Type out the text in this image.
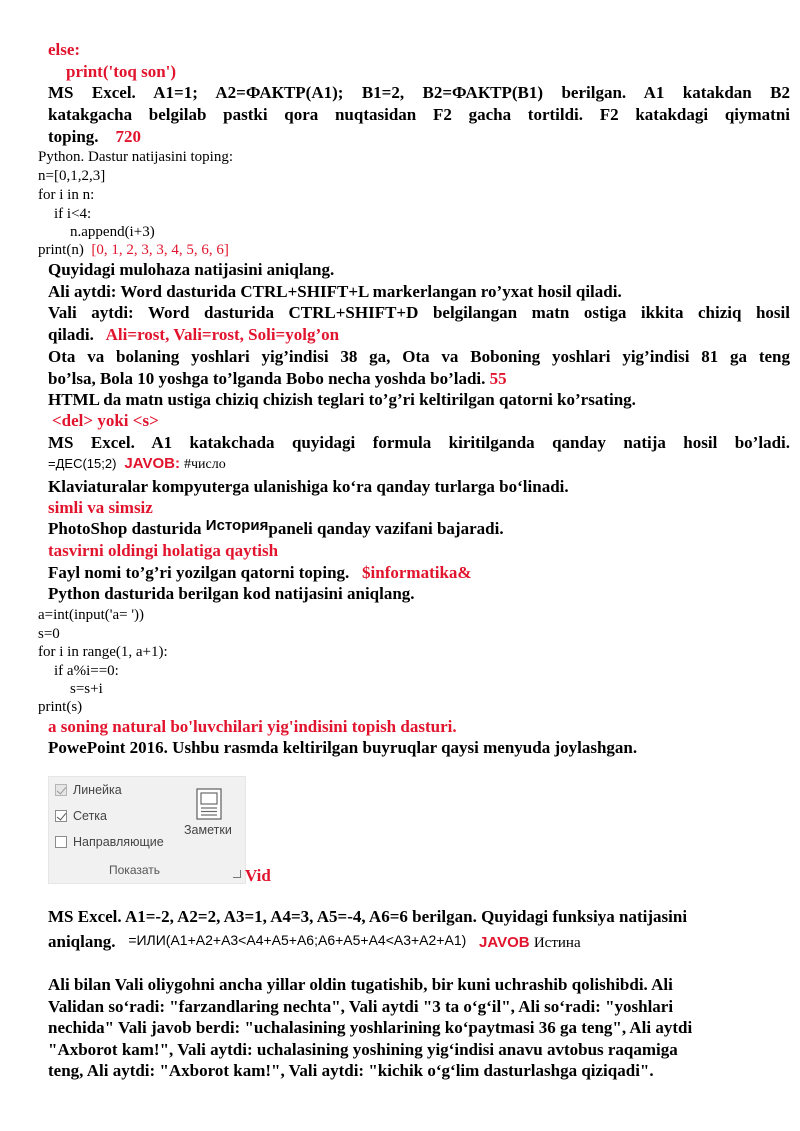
else:
print('toq son')
MS Excel. A1=1; A2=ФАКТР(A1); B1=2, B2=ФАКТР(B1) berilgan. A1 katakdan B2
katakgacha belgilab pastki qora nuqtasidan F2 gacha tortildi. F2 katakdagi qiymatni
toping. 720
Python. Dastur natijasini toping:
n=[0,1,2,3]
for i in n:
if i<4:
n.append(i+3)
print(n) [0, 1, 2, 3, 3, 4, 5, 6, 6]
Quyidagi mulohaza natijasini aniqlang.
Ali aytdi: Word dasturida CTRL+SHIFT+L markerlangan ro’yxat hosil qiladi.
Vali aytdi: Word dasturida CTRL+SHIFT+D belgilangan matn ostiga ikkita chiziq hosil
qiladi. Ali=rost, Vali=rost, Soli=yolg’on
Ota va bolaning yoshlari yig’indisi 38 ga, Ota va Boboning yoshlari yig’indisi 81 ga teng
bo’lsa, Bola 10 yoshga to’lganda Bobo necha yoshda bo’ladi. 55
HTML da matn ustiga chiziq chizish teglari to’g’ri keltirilgan qatorni ko’rsating.
<del> yoki <s>
MS Excel. A1 katakchada quyidagi formula kiritilganda qanday natija hosil bo’ladi.
=ДЕС(15;2) JAVOB: #число
Klaviaturalar kompyuterga ulanishiga ko‘ra qanday turlarga bo‘linadi.
simli va simsiz
PhotoShop dasturida Историяpaneli qanday vazifani bajaradi.
tasvirni oldingi holatiga qaytish
Fayl nomi to’g’ri yozilgan qatorni toping. $informatika&
Python dasturida berilgan kod natijasini aniqlang.
a=int(input('a= '))
s=0
for i in range(1, a+1):
if a%i==0:
s=s+i
print(s)
a soning natural bo'luvchilari yig'indisini topish dasturi.
PowePoint 2016. Ushbu rasmda keltirilgan buyruqlar qaysi menyuda joylashgan.
Линейка
Сетка
Направляющие
Заметки
Показать	Vid
MS Excel. A1=-2, A2=2, A3=1, A4=3, A5=-4, A6=6 berilgan. Quyidagi funksiya natijasini
aniqlang. =ИЛИ(A1+A2+A3<A4+A5+A6;A6+A5+A4<A3+A2+A1) JAVOB Истина
Ali bilan Vali oliygohni ancha yillar oldin tugatishib, bir kuni uchrashib qolishibdi. Ali
Validan so‘radi: "farzandlaring nechta", Vali aytdi "3 ta o‘g‘il", Ali so‘radi: "yoshlari
nechida" Vali javob berdi: "uchalasining yoshlarining ko‘paytmasi 36 ga teng", Ali aytdi
"Axborot kam!", Vali aytdi: uchalasining yoshining yig‘indisi anavu avtobus raqamiga
teng, Ali aytdi: "Axborot kam!", Vali aytdi: "kichik o‘g‘lim dasturlashga qiziqadi".
